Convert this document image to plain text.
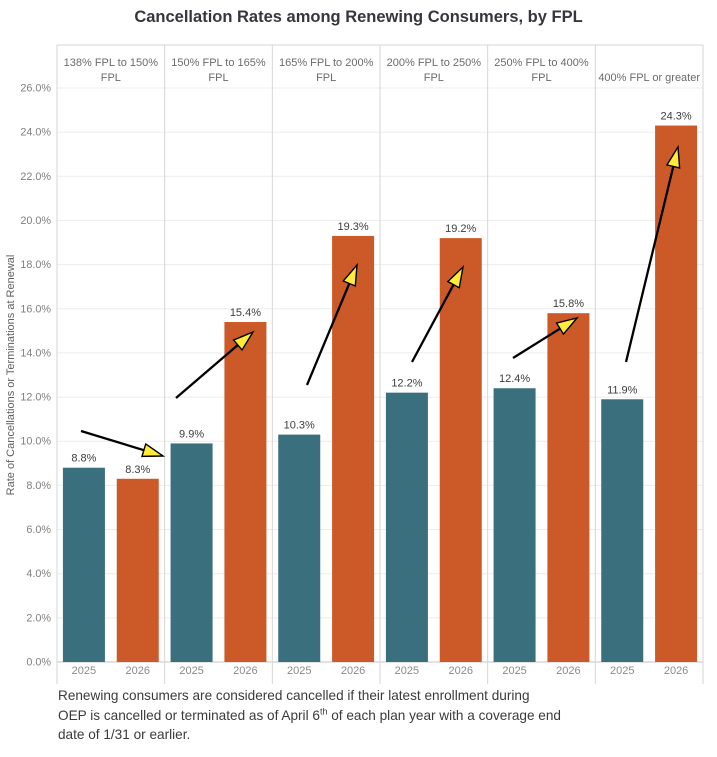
0.0%
2.0%
4.0%
6.0%
8.0%
10.0%
12.0%
14.0%
16.0%
18.0%
20.0%
22.0%
24.0%
26.0%
138% FPL to 150%
FPL
8.8%
2025
8.3%
2026
150% FPL to 165%
FPL
9.9%
2025
15.4%
2026
165% FPL to 200%
FPL
10.3%
2025
19.3%
2026
200% FPL to 250%
FPL
12.2%
2025
19.2%
2026
250% FPL to 400%
FPL
12.4%
2025
15.8%
2026
400% FPL or greater
11.9%
2025
24.3%
2026
Rate of Cancellations or Terminations at Renewal
Cancellation Rates among Renewing Consumers, by FPL
Renewing consumers are considered cancelled if their latest enrollment during
OEP is cancelled or terminated as of April 6th of each plan year with a coverage end
date of 1/31 or earlier.
